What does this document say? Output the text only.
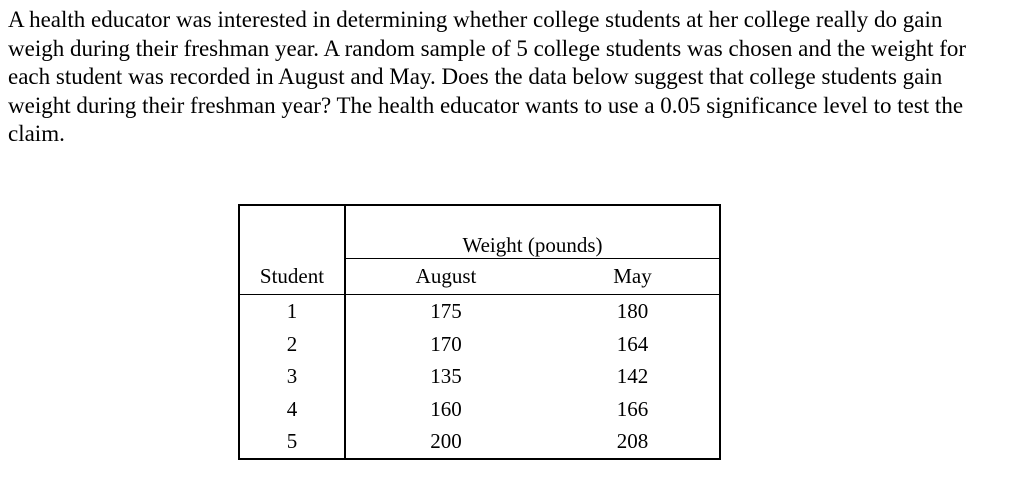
A health educator was interested in determining whether college students at her college really do gain weigh during their freshman year. A random sample of 5 college students was chosen and the weight for each student was recorded in August and May. Does the data below suggest that college students gain weight during their freshman year? The health educator wants to use a 0.05 significance level to test the claim.

	Weight (pounds)	
Student	August	May
1	175	180
2	170	164
3	135	142
4	160	166
5	200	208
